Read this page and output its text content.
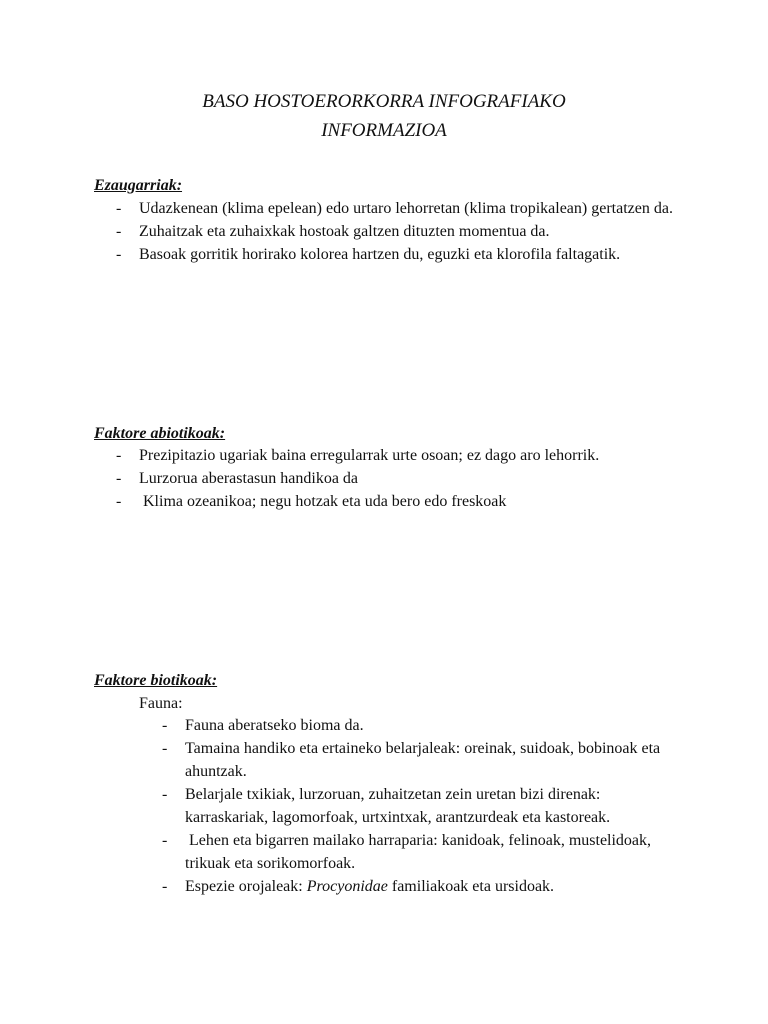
BASO HOSTOERORKORRA INFOGRAFIAKO
INFORMAZIOA
Ezaugarriak:
-	Udazkenean (klima epelean) edo urtaro lehorretan (klima tropikalean) gertatzen da.
-	Zuhaitzak eta zuhaixkak hostoak galtzen dituzten momentua da.
-	Basoak gorritik horirako kolorea hartzen du, eguzki eta klorofila faltagatik.
Faktore abiotikoak:
-	Prezipitazio ugariak baina erregularrak urte osoan; ez dago aro lehorrik.
-	Lurzorua aberastasun handikoa da
-	Klima ozeanikoa; negu hotzak eta uda bero edo freskoak
Faktore biotikoak:
Fauna:
-	Fauna aberatseko bioma da.
-	Tamaina handiko eta ertaineko belarjaleak: oreinak, suidoak, bobinoak eta ahuntzak.
-	Belarjale txikiak, lurzoruan, zuhaitzetan zein uretan bizi direnak: karraskariak, lagomorfoak, urtxintxak, arantzurdeak eta kastoreak.
-	Lehen eta bigarren mailako harraparia: kanidoak, felinoak, mustelidoak, trikuak eta sorikomorfoak.
-	Espezie orojaleak: Procyonidae familiakoak eta ursidoak.
